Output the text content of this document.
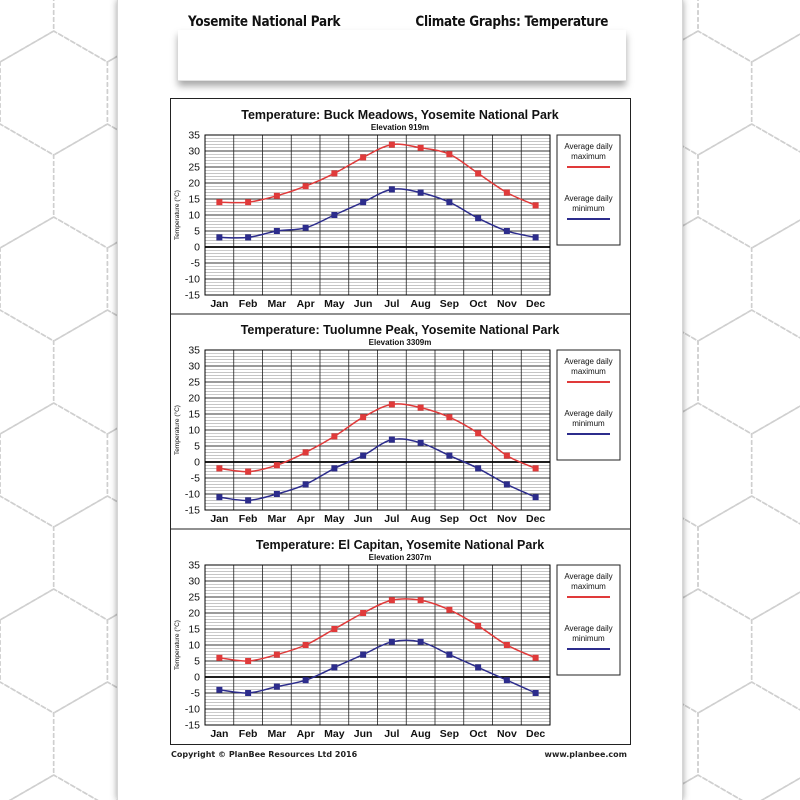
Yosemite National Park	Climate Graphs: Temperature
Temperature: Buck Meadows, Yosemite National Park
Elevation 919m
35
30
25
20
15
10
5
0
-5
-10
-15
Temperature (°C)
Jan Feb Mar Apr May Jun Jul Aug Sep Oct Nov Dec
Average daily maximum
Average daily minimum
Temperature: Tuolumne Peak, Yosemite National Park
Elevation 3309m
35
30
25
20
15
10
5
0
-5
-10
-15
Temperature (°C)
Jan Feb Mar Apr May Jun Jul Aug Sep Oct Nov Dec
Average daily maximum
Average daily minimum
Temperature: El Capitan, Yosemite National Park
Elevation 2307m
35
30
25
20
15
10
5
0
-5
-10
-15
Temperature (°C)
Jan Feb Mar Apr May Jun Jul Aug Sep Oct Nov Dec
Average daily maximum
Average daily minimum
Copyright © PlanBee Resources Ltd 2016	www.planbee.com
